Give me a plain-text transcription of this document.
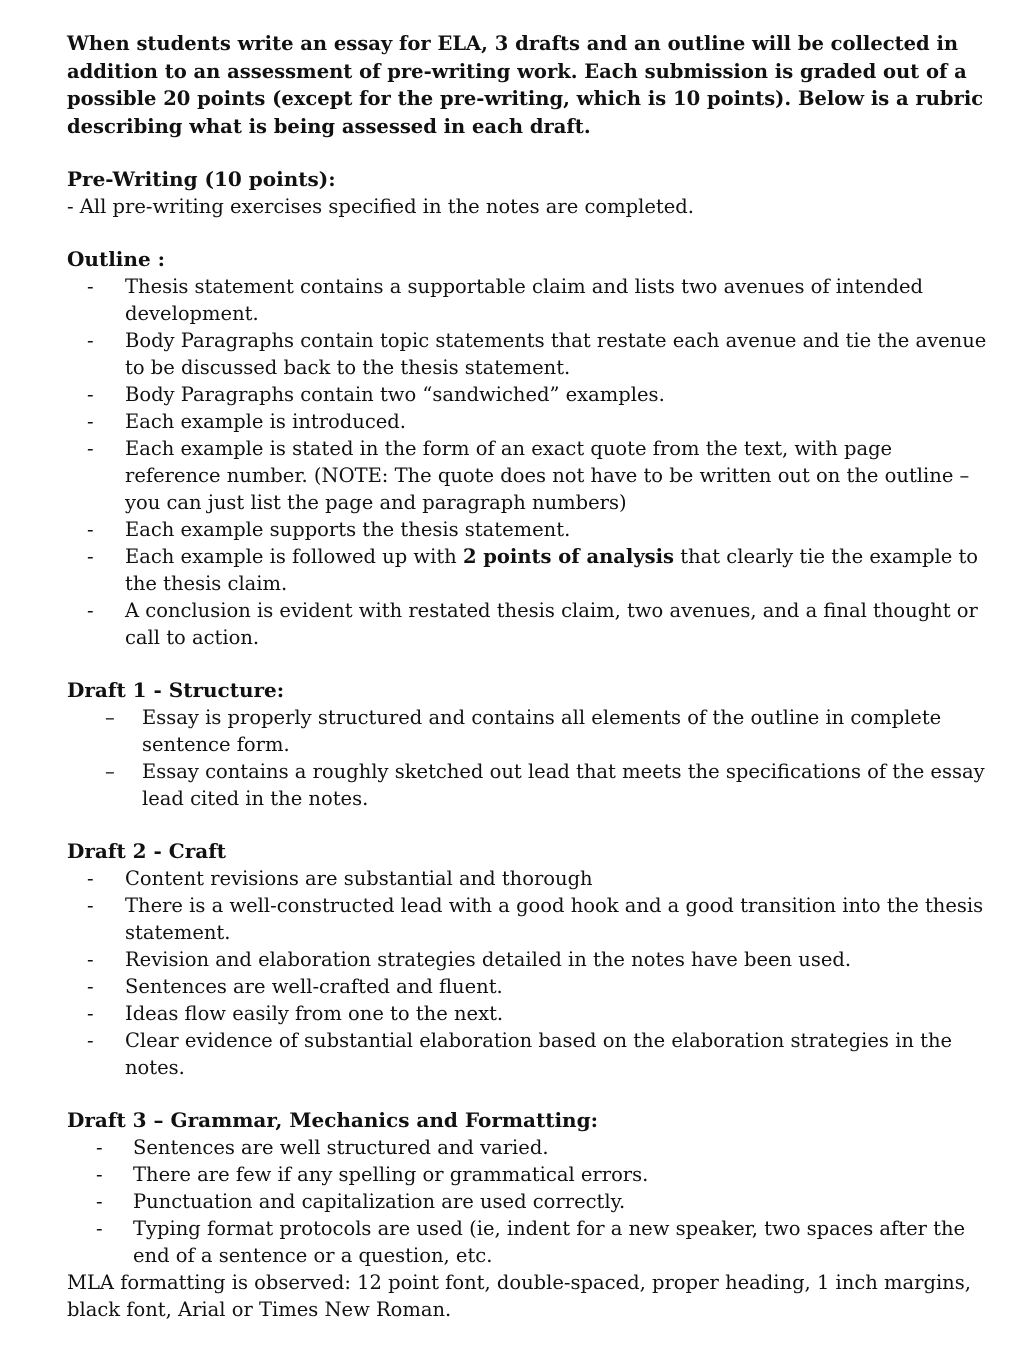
When students write an essay for ELA, 3 drafts and an outline will be collected in addition to an assessment of pre-writing work. Each submission is graded out of a possible 20 points (except for the pre-writing, which is 10 points). Below is a rubric describing what is being assessed in each draft.

Pre-Writing (10 points):

- All pre-writing exercises specified in the notes are completed.

Outline :

- Thesis statement contains a supportable claim and lists two avenues of intended development.
- Body Paragraphs contain topic statements that restate each avenue and tie the avenue to be discussed back to the thesis statement.
- Body Paragraphs contain two “sandwiched” examples.
- Each example is introduced.
- Each example is stated in the form of an exact quote from the text, with page reference number. (NOTE: The quote does not have to be written out on the outline – you can just list the page and paragraph numbers)
- Each example supports the thesis statement.
- Each example is followed up with 2 points of analysis that clearly tie the example to the thesis claim.
- A conclusion is evident with restated thesis claim, two avenues, and a final thought or call to action.

Draft 1 - Structure:

– Essay is properly structured and contains all elements of the outline in complete sentence form.
– Essay contains a roughly sketched out lead that meets the specifications of the essay lead cited in the notes.

Draft 2 - Craft

- Content revisions are substantial and thorough
- There is a well-constructed lead with a good hook and a good transition into the thesis statement.
- Revision and elaboration strategies detailed in the notes have been used.
- Sentences are well-crafted and fluent.
- Ideas flow easily from one to the next.
- Clear evidence of substantial elaboration based on the elaboration strategies in the notes.

Draft 3 – Grammar, Mechanics and Formatting:

- Sentences are well structured and varied.
- There are few if any spelling or grammatical errors.
- Punctuation and capitalization are used correctly.
- Typing format protocols are used (ie, indent for a new speaker, two spaces after the end of a sentence or a question, etc.

MLA formatting is observed: 12 point font, double-spaced, proper heading, 1 inch margins, black font, Arial or Times New Roman.
